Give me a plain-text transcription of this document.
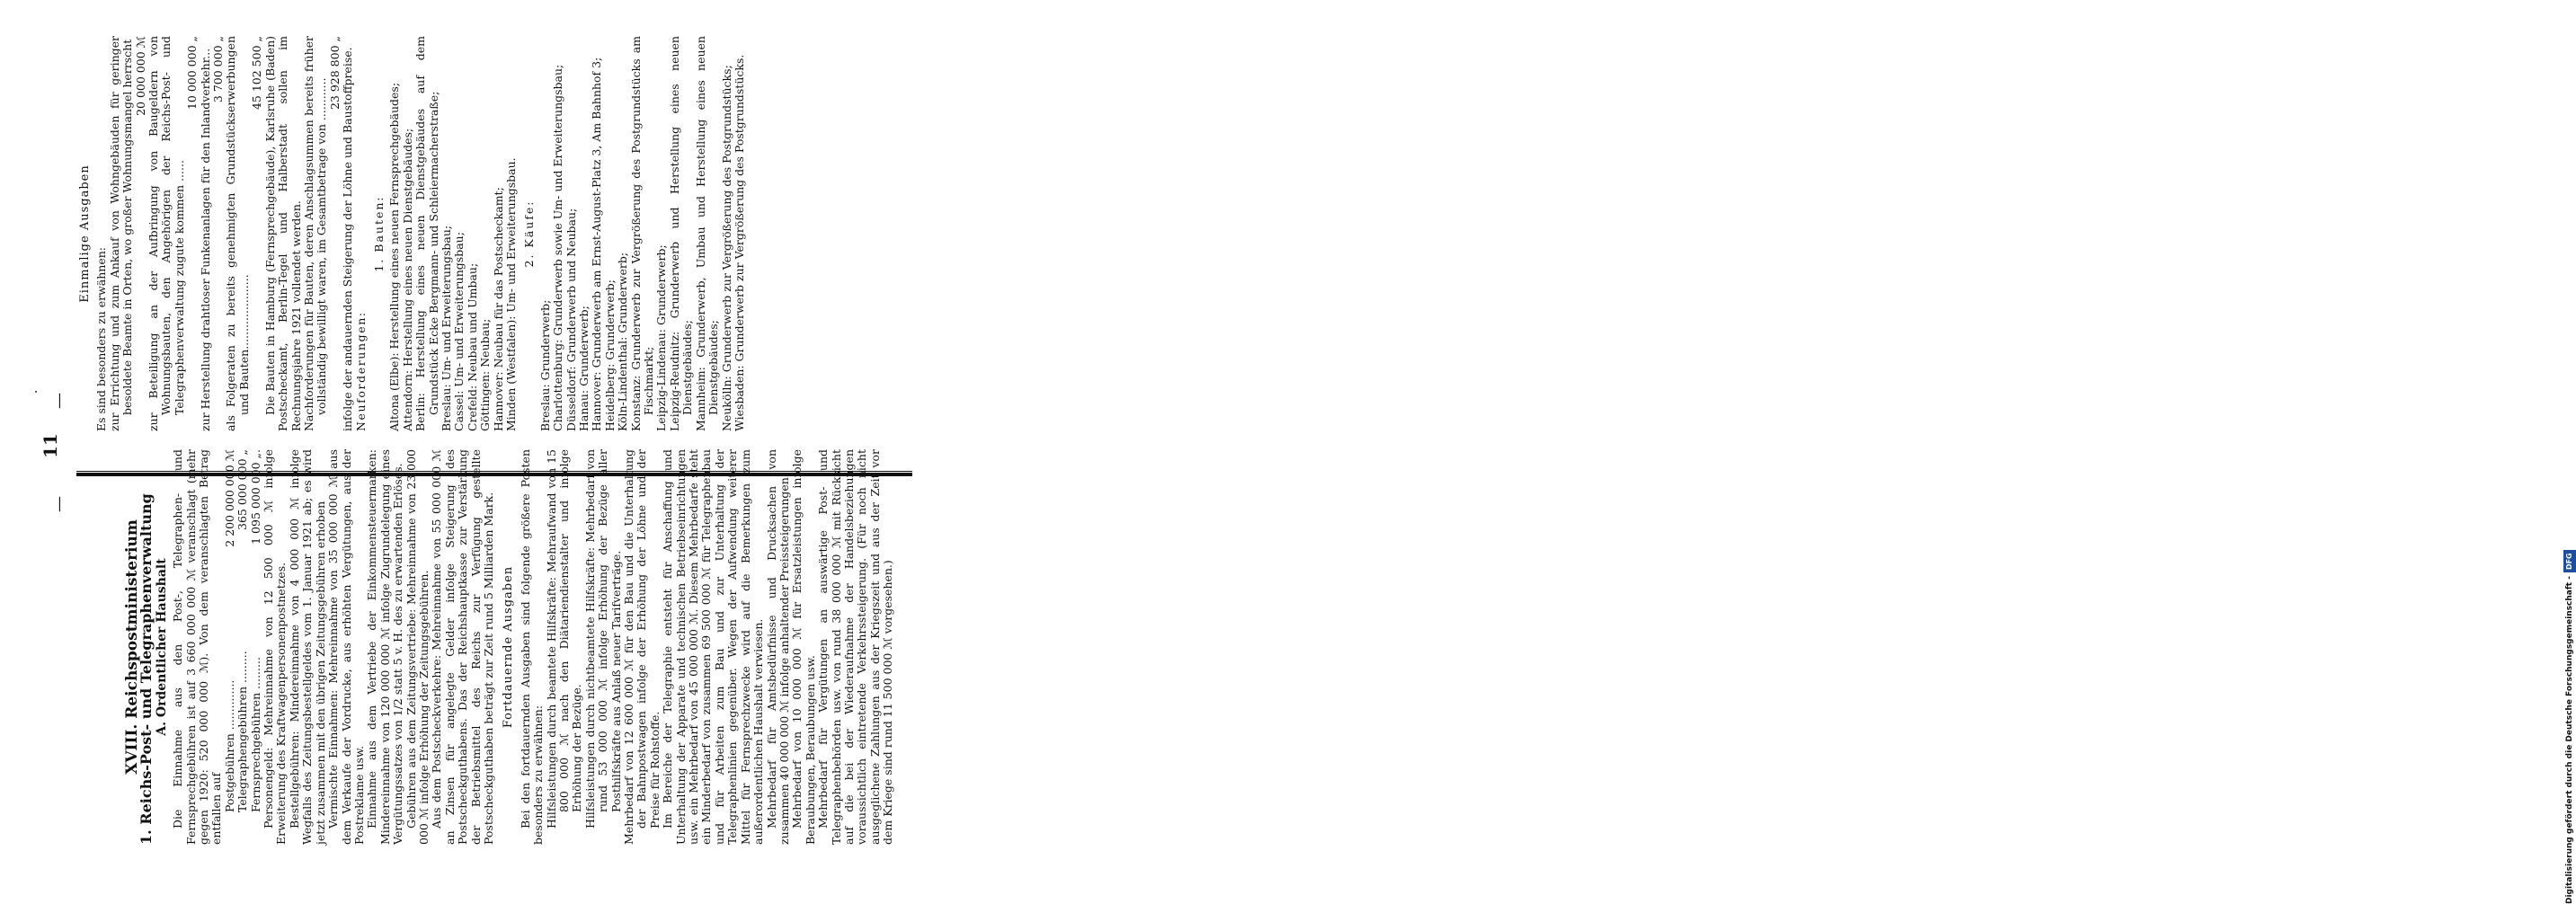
—
11
—
·
XVIII. Reichspostministerium
1. Reichs-Post- und Telegraphenverwaltung A. Ordentlicher Haushalt Die Einnahme aus den Post-, Telegraphen- und Fernsprechgebühren ist auf 3 660 000 000 ℳ veranschlagt (mehr gegen 1920: 520 000 000 ℳ). Von dem veranschlagten Betrag entfallen auf Postgebühren ..............
2 200 000 000 ℳ
Telegraphengebühren .........
365 000 000 „
Fernsprechgebühren .........
1 095 000 000 „. Personengeld: Mehreinnahme von 12 500 000 ℳ infolge Erweiterung des Kraftwagenpersonenpostnetzes. Bestellgebühren: Mindereinnahme von 4 000 000 ℳ infolge Wegfalls des Zeitungsbestellgeldes vom 1. Januar 1921 ab; es wird jetzt zusammen mit den übrigen Zeitungsgebühren erhoben Vermischte Einnahmen: Mehreinnahme von 35 000 000 ℳ aus dem Verkaufe der Vordrucke, aus erhöhten Vergütungen, aus der Postreklame usw. Einnahme aus dem Vertriebe der Einkommensteuermarken: Mindereinnahme von 120 000 000 ℳ infolge Zugrundelegung eines Vergütungssatzes von 1/2 statt 5 v. H. des zu erwartenden Erlöses. Gebühren aus dem Zeitungsvertriebe: Mehreinnahme von 23 000 000 ℳ infolge Erhöhung der Zeitungsgebühren. Aus dem Postscheckverkehre: Mehreinnahme von 55 000 000 ℳ an Zinsen für angelegte Gelder infolge Steigerung des Postscheckguthabens. Das der Reichshauptkasse zur Verstärkung der Betriebsmittel des Reichs zur Verfügung gestellte Postscheckguthaben beträgt zur Zeit rund 5 Milliarden Mark. Fortdauernde Ausgaben Bei den fortdauernden Ausgaben sind folgende größere Posten besonders zu erwähnen: Hilfsleistungen durch beamtete Hilfskräfte: Mehraufwand von 15 800 000 ℳ nach den Diätariendienstalter und infolge Erhöhung der Bezüge. Hilfsleistungen durch nichtbeamtete Hilfskräfte: Mehrbedarf von rund 53 000 000 ℳ infolge Erhöhung der Bezüge aller Posthilfskräfte aus Anlaß neuer Tarifverträge. Mehrbedarf von 12 600 000 ℳ für den Bau und die Unterhaltung der Bahnpostwagen infolge der Erhöhung der Löhne und der Preise für Rohstoffe. Im Bereiche der Telegraphie entsteht für Anschaffung und Unterhaltung der Apparate und technischen Betriebseinrichtungen usw. ein Mehrbedarf von 45 000 000 ℳ. Diesem Mehrbedarfe steht ein Minderbedarf von zusammen 69 500 000 ℳ für Telegraphenbau und für Arbeiten zum Bau und zur Unterhaltung der Telegraphenlinien gegenüber. Wegen der Aufwendung weiterer Mittel für Fernsprechzwecke wird auf die Bemerkungen zum außerordentlichen Haushalt verwiesen. Mehrbedarf für Amtsbedürfnisse und Drucksachen von zusammen 40 000 000 ℳ infolge anhaltender Preissteigerungen. Mehrbedarf von 10 000 000 ℳ für Ersatzleistungen infolge Beraubungen, Beraubungen usw. Mehrbedarf für Vergütungen an auswärtige Post- und Telegraphenbehörden usw. von rund 38 000 000 ℳ mit Rücksicht auf die bei der Wiederaufnahme der Handelsbeziehungen voraussichtlich eintretende Verkehrssteigerung. (Für noch nicht ausgeglichene Zahlungen aus der Kriegszeit und aus der Zeit vor dem Kriege sind rund 11 500 000 ℳ vorgesehen.)

Einmalige Ausgaben

Es sind besonders zu erwähnen: zur Errichtung und zum Ankauf von Wohngebäuden für geringer besoldete Beamte in Orten, wo großer Wohnungsmangel herrscht 20 000 000 ℳ zur Beteiligung an der Aufbringung von Baugeldern von Wohnungsbauten, den Angehörigen der Reichs-Post- und Telegraphenverwaltung zugute kommen ......

10 000 000 „ zur Herstellung drahtloser Funkenanlagen für den Inlandverkehr... 3 700 000 „ als Folgeraten zu bereits genehmigten Grundstückserwerbungen und Bauten.....................

45 102 500 „ Die Bauten in Hamburg (Fernsprechgebäude), Karlsruhe (Baden) Postscheckamt, Berlin-Tegel und Halberstadt sollen im Rechnungsjahre 1921 vollendet werden. Nachforderungen für Bauten, deren Anschlagsummen bereits früher vollständig bewilligt waren, im Gesamtbetrage von ............

23 928 800 „ infolge der andauernden Steigerung der Löhne und Baustoffpreise. Neuforderungen:

1. Bauten: Altona (Elbe): Herstellung eines neuen Fernsprechgebäudes; Attendorn: Herstellung eines neuen Dienstgebäudes; Berlin: Herstellung eines neuen Dienstgebäudes auf dem Grundstück Ecke Bergmann- und Schleiermacherstraße; Breslau: Um- und Erweiterungsbau; Cassel: Um- und Erweiterungsbau; Crefeld: Neubau und Umbau; Göttingen: Neubau; Hannover: Neubau für das Postscheckamt; Minden (Westfalen): Um- und Erweiterungsbau. 2. Käufe:

Breslau: Grunderwerb; Charlottenburg: Grunderwerb sowie Um- und Erweiterungsbau; Düsseldorf: Grunderwerb und Neubau; Hanau: Grunderwerb; Hannover: Grunderwerb am Ernst-August-Platz 3, Am Bahnhof 3; Heidelberg: Grunderwerb; Köln-Lindenthal: Grunderwerb; Konstanz: Grunderwerb zur Vergrößerung des Postgrundstücks am Fischmarkt; Leipzig-Lindenau: Grunderwerb; Leipzig-Reudnitz: Grunderwerb und Herstellung eines neuen Dienstgebäudes; Mannheim: Grunderwerb, Umbau und Herstellung eines neuen Dienstgebäudes; Neukölln: Grunderwerb zur Vergrößerung des Postgrundstücks; Wiesbaden: Grunderwerb zur Vergrößerung des Postgrundstücks.

Digitalisierung gefördert durch die Deutsche Forschungsgemeinschaft -DFG
